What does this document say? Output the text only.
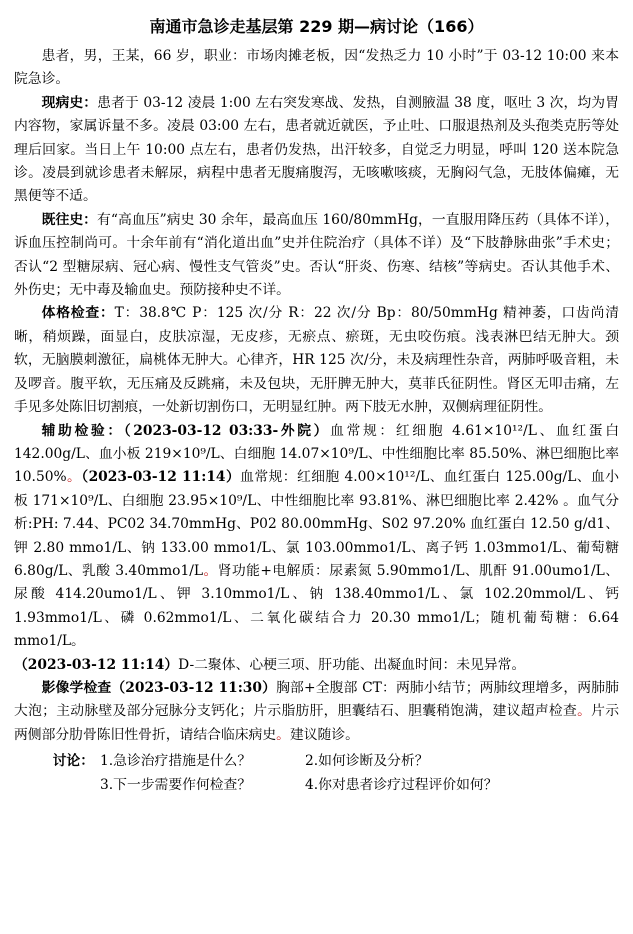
南通市急诊走基层第 229 期—病讨论（166）

患者，男，王某，66 岁，职业：市场肉摊老板，因“发热乏力 10 小时”于 03-12 10:00 来本院急诊。

现病史：患者于 03-12 凌晨 1:00 左右突发寒战、发热，自测腋温 38 度，呕吐 3 次，均为胃内容物，家属诉量不多。凌晨 03:00 左右，患者就近就医，予止吐、口服退热剂及头孢类克肟等处理后回家。当日上午 10:00 点左右，患者仍发热，出汗较多，自觉乏力明显，呼叫 120 送本院急诊。凌晨到就诊患者未解尿，病程中患者无腹痛腹泻，无咳嗽咳痰，无胸闷气急，无肢体偏瘫，无黑便等不适。

既往史：有“高血压”病史 30 余年，最高血压 160/80mmHg，一直服用降压药（具体不详），诉血压控制尚可。十余年前有“消化道出血”史并住院治疗（具体不详）及“下肢静脉曲张”手术史；否认“2 型糖尿病、冠心病、慢性支气管炎”史。否认“肝炎、伤寒、结核”等病史。否认其他手术、外伤史；无中毒及输血史。预防接种史不详。

体格检查：T：38.8℃ P：125 次/分 R：22 次/分 Bp：80/50mmHg 精神萎，口齿尚清晰，稍烦躁，面显白，皮肤凉湿，无皮疹，无瘀点、瘀斑，无虫咬伤痕。浅表淋巴结无肿大。颈软，无脑膜刺激征，扁桃体无肿大。心律齐，HR 125 次/分，未及病理性杂音，两肺呼吸音粗，未及啰音。腹平软，无压痛及反跳痛，未及包块，无肝脾无肿大，莫菲氏征阴性。肾区无叩击痛，左手见多处陈旧切割痕，一处新切割伤口，无明显红肿。两下肢无水肿，双侧病理征阴性。

辅助检验：（2023-03-12 03:33-外院）血常规：红细胞 4.61×10¹²/L、血红蛋白 142.00g/L、血小板 219×10⁹/L、白细胞 14.07×10⁹/L、中性细胞比率 85.50%、淋巴细胞比率 10.50%。（2023-03-12 11:14）血常规：红细胞 4.00×10¹²/L、血红蛋白 125.00g/L、血小板 171×10⁹/L、白细胞 23.95×10⁹/L、中性细胞比率 93.81%、淋巴细胞比率 2.42% 。血气分析:PH: 7.44、PC02 34.70mmHg、P02 80.00mmHg、S02 97.20% 血红蛋白 12.50 g/d1、钾 2.80 mmo1/L、钠 133.00 mmo1/L、氯 103.00mmo1/L、离子钙 1.03mmo1/L、葡萄糖 6.80g/L、乳酸 3.40mmo1/L。肾功能+电解质：尿素氮 5.90mmo1/L、肌酐 91.00umo1/L、尿酸 414.20umo1/L、钾 3.10mmo1/L、钠 138.40mmo1/L、氯 102.20mmol/L、钙 1.93mmo1/L、磷 0.62mmo1/L、二氧化碳结合力 20.30 mmo1/L；随机葡萄糖：6.64 mmo1/L。

（2023-03-12 11:14）D-二聚体、心梗三项、肝功能、出凝血时间：未见异常。

影像学检查（2023-03-12 11:30）胸部+全腹部 CT：两肺小结节；两肺纹理增多，两肺肺大泡；主动脉壁及部分冠脉分支钙化；片示脂肪肝，胆囊结石、胆囊稍饱满，建议超声检查。片示两侧部分肋骨陈旧性骨折，请结合临床病史。建议随诊。

讨论： 1.急诊治疗措施是什么？	2.如何诊断及分析？
3.下一步需要作何检查？	4.你对患者诊疗过程评价如何？
